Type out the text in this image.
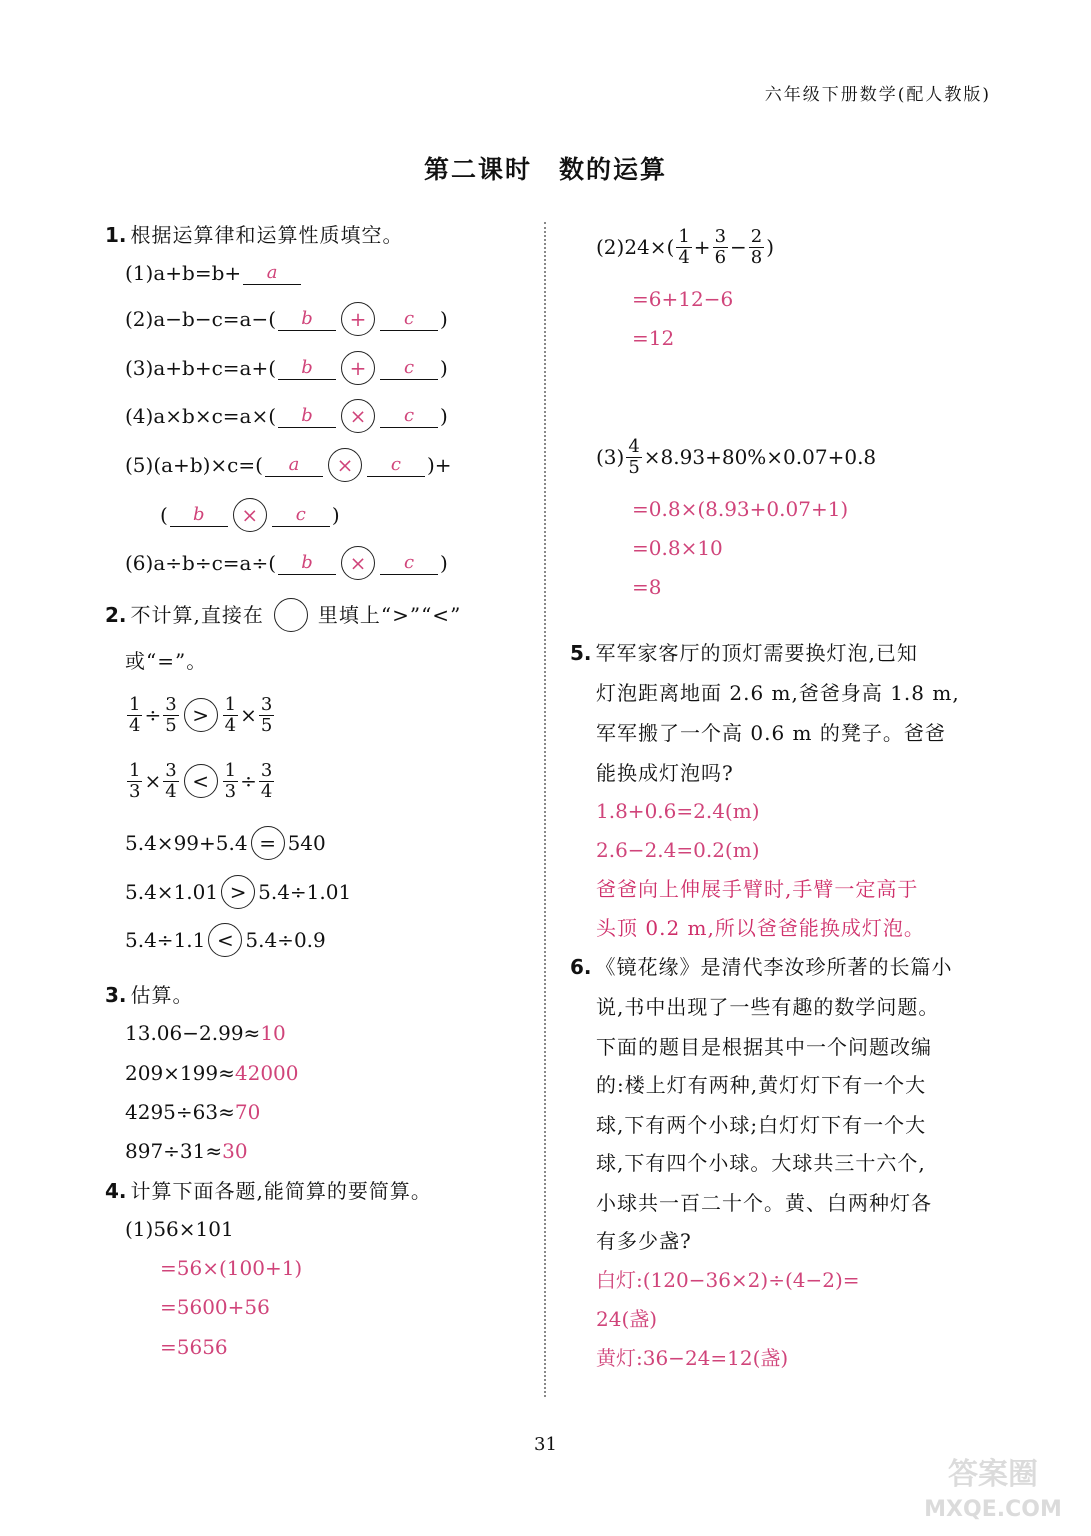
六年级下册数学(配人教版)
第二课时　数的运算
1. 根据运算律和运算性质填空。
(1)a+b=b+	a
(2)a−b−c=a−(	b	+	c	)
(3)a+b+c=a+(	b	+	c	)
(4)a×b×c=a×(	b	×	c	)
(5)(a+b)×c=(	a	×	c	)+
(	b	×	c	)
(6)a÷b÷c=a÷(	b	×	c	)
2. 不计算,直接在	里填上“>”“<”
或“=”。
$\frac{1}{4} \div \frac{3}{5} > \frac{1}{4} \times \frac{3}{5}$
$\frac{1}{3} \times \frac{3}{4} < \frac{1}{3} \div \frac{3}{4}$
5.4×99+5.4 = 540
5.4×1.01 > 5.4÷1.01
5.4÷1.1 < 5.4÷0.9
3. 估算。
13.06−2.99≈ 10
209×199≈ 42000
4295÷63≈ 70
897÷31≈ 30
4. 计算下面各题,能简算的要简算。
(1)56×101
=56×(100+1)
=5600+56
=5656
$(2)24\times( \frac{1}{4} + \frac{3}{6} - \frac{2}{8}$ )
=6+12−6
=12
$(3) \frac{4}{5} \times 8.93+80\%\times 0.07+0.8$
=0.8×(8.93+0.07+1)
=0.8×10
=8
5. 军军家客厅的顶灯需要换灯泡,已知
灯泡距离地面 2.6 m,爸爸身高 1.8 m,
军军搬了一个高 0.6 m 的凳子。爸爸
能换成灯泡吗?
1.8+0.6=2.4(m)
2.6−2.4=0.2(m)
爸爸向上伸展手臂时,手臂一定高于
头顶 0.2 m,所以爸爸能换成灯泡。
6. 《镜花缘》是清代李汝珍所著的长篇小
说,书中出现了一些有趣的数学问题。
下面的题目是根据其中一个问题改编
的:楼上灯有两种,黄灯灯下有一个大
球,下有两个小球;白灯灯下有一个大
球,下有四个小球。大球共三十六个,
小球共一百二十个。黄、白两种灯各
有多少盏?
白灯:(120−36×2)÷(4−2)=
24(盏)
黄灯:36−24=12(盏)
31
答案圈
MXQE.COM
